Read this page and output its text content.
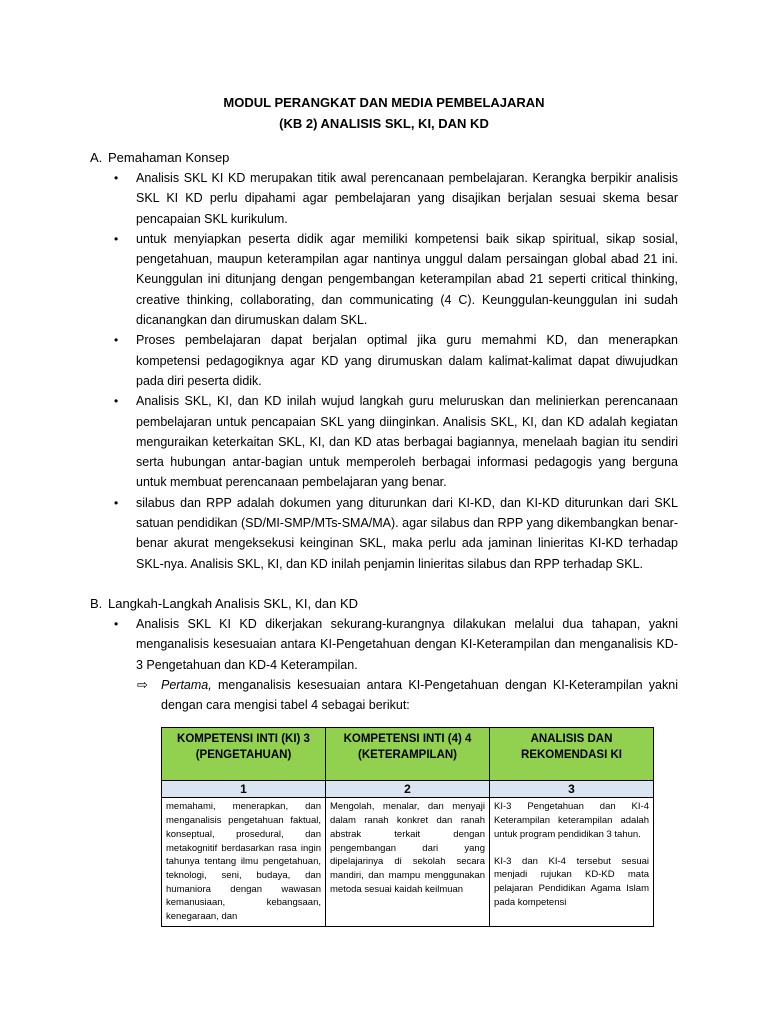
MODUL PERANGKAT DAN MEDIA PEMBELAJARAN
(KB 2) ANALISIS SKL, KI, DAN KD

A. Pemahaman Konsep

• Analisis SKL KI KD merupakan titik awal perencanaan pembelajaran. Kerangka berpikir analisis SKL KI KD perlu dipahami agar pembelajaran yang disajikan berjalan sesuai skema besar pencapaian SKL kurikulum.
• untuk menyiapkan peserta didik agar memiliki kompetensi baik sikap spiritual, sikap sosial, pengetahuan, maupun keterampilan agar nantinya unggul dalam persaingan global abad 21 ini. Keunggulan ini ditunjang dengan pengembangan keterampilan abad 21 seperti critical thinking, creative thinking, collaborating, dan communicating (4 C). Keunggulan-keunggulan ini sudah dicanangkan dan dirumuskan dalam SKL.
• Proses pembelajaran dapat berjalan optimal jika guru memahmi KD, dan menerapkan kompetensi pedagogiknya agar KD yang dirumuskan dalam kalimat-kalimat dapat diwujudkan pada diri peserta didik.
• Analisis SKL, KI, dan KD inilah wujud langkah guru meluruskan dan melinierkan perencanaan pembelajaran untuk pencapaian SKL yang diinginkan. Analisis SKL, KI, dan KD adalah kegiatan menguraikan keterkaitan SKL, KI, dan KD atas berbagai bagiannya, menelaah bagian itu sendiri serta hubungan antar-bagian untuk memperoleh berbagai informasi pedagogis yang berguna untuk membuat perencanaan pembelajaran yang benar.
• silabus dan RPP adalah dokumen yang diturunkan dari KI-KD, dan KI-KD diturunkan dari SKL satuan pendidikan (SD/MI-SMP/MTs-SMA/MA). agar silabus dan RPP yang dikembangkan benar-benar akurat mengeksekusi keinginan SKL, maka perlu ada jaminan linieritas KI-KD terhadap SKL-nya. Analisis SKL, KI, dan KD inilah penjamin linieritas silabus dan RPP terhadap SKL.

B. Langkah-Langkah Analisis SKL, KI, dan KD

• Analisis SKL KI KD dikerjakan sekurang-kurangnya dilakukan melalui dua tahapan, yakni menganalisis kesesuaian antara KI-Pengetahuan dengan KI-Keterampilan dan menganalisis KD-3 Pengetahuan dan KD-4 Keterampilan.
⇨ Pertama, menganalisis kesesuaian antara KI-Pengetahuan dengan KI-Keterampilan yakni dengan cara mengisi tabel 4 sebagai berikut:
KOMPETENSI INTI (KI) 3 (PENGETAHUAN)	KOMPETENSI INTI (4) 4 (KETERAMPILAN)	ANALISIS DAN REKOMENDASI KI
1	2	3

memahami, menerapkan, dan menganalisis pengetahuan faktual, konseptual, prosedural, dan metakognitif berdasarkan rasa ingin tahunya tentang ilmu pengetahuan, teknologi, seni, budaya, dan humaniora dengan wawasan kemanusiaan, kebangsaan, kenegaraan, dan	Mengolah, menalar, dan menyaji dalam ranah konkret dan ranah abstrak terkait dengan pengembangan dari yang dipelajarinya di sekolah secara mandiri, dan mampu menggunakan metoda sesuai kaidah keilmuan	KI-3 Pengetahuan dan KI-4 Keterampilan keterampilan adalah untuk program pendidikan 3 tahun.
KI-3 dan KI-4 tersebut sesuai menjadi rujukan KD-KD mata pelajaran Pendidikan Agama Islam pada kompetensi
